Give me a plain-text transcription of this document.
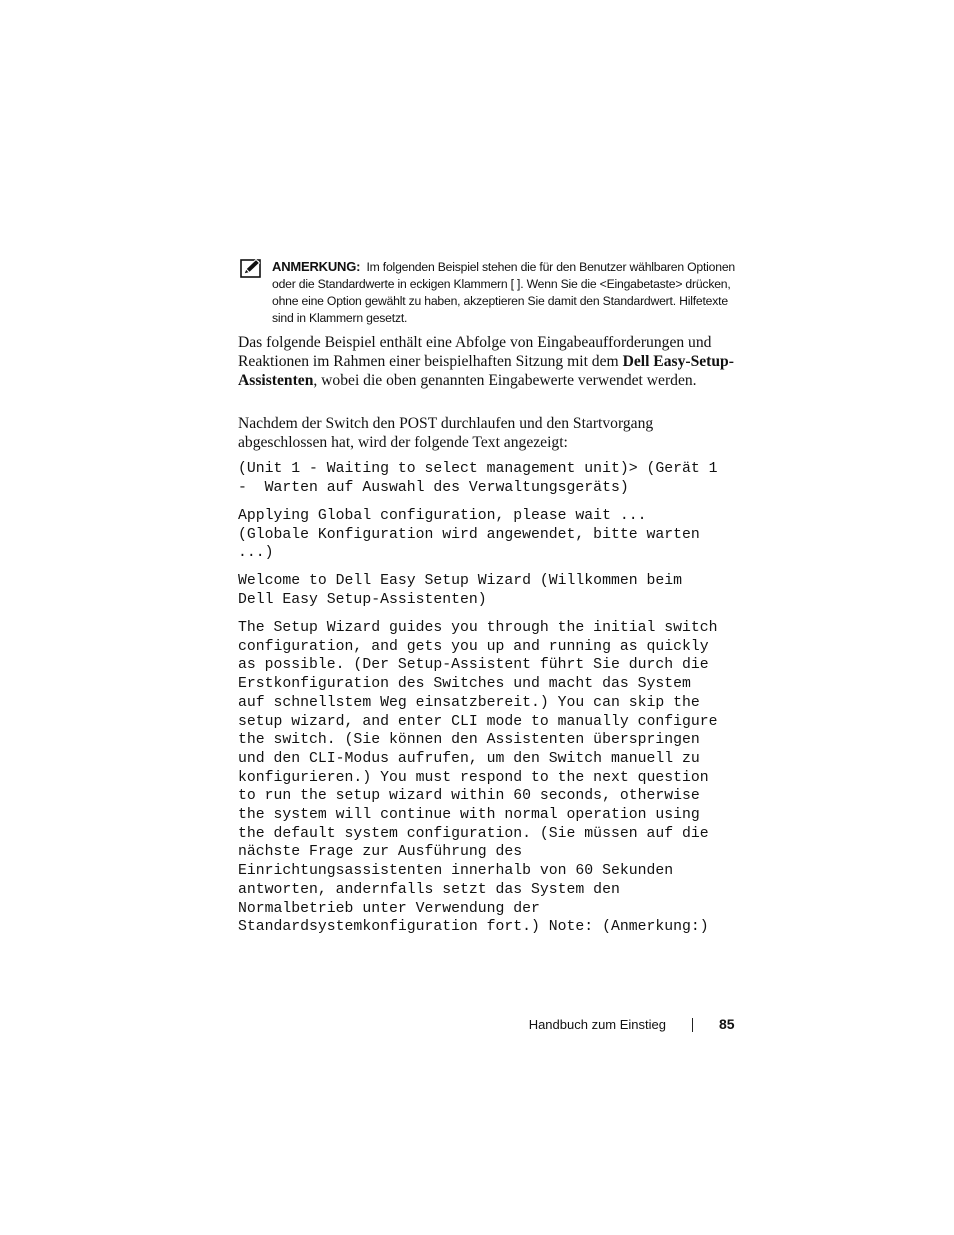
ANMERKUNG: Im folgenden Beispiel stehen die für den Benutzer wählbaren Optionen oder die Standardwerte in eckigen Klammern [ ]. Wenn Sie die <Eingabetaste> drücken, ohne eine Option gewählt zu haben, akzeptieren Sie damit den Standardwert. Hilfetexte sind in Klammern gesetzt.

Das folgende Beispiel enthält eine Abfolge von Eingabeaufforderungen und Reaktionen im Rahmen einer beispielhaften Sitzung mit dem Dell Easy-Setup-Assistenten, wobei die oben genannten Eingabewerte verwendet werden.

Nachdem der Switch den POST durchlaufen und den Startvorgang abgeschlossen hat, wird der folgende Text angezeigt:

(Unit 1 - Waiting to select management unit)> (Gerät 1
-  Warten auf Auswahl des Verwaltungsgeräts)
Applying Global configuration, please wait ...
(Globale Konfiguration wird angewendet, bitte warten
...)
Welcome to Dell Easy Setup Wizard (Willkommen beim
Dell Easy Setup-Assistenten)
The Setup Wizard guides you through the initial switch
configuration, and gets you up and running as quickly
as possible. (Der Setup-Assistent führt Sie durch die
Erstkonfiguration des Switches und macht das System
auf schnellstem Weg einsatzbereit.) You can skip the
setup wizard, and enter CLI mode to manually configure
the switch. (Sie können den Assistenten überspringen
und den CLI-Modus aufrufen, um den Switch manuell zu
konfigurieren.) You must respond to the next question
to run the setup wizard within 60 seconds, otherwise
the system will continue with normal operation using
the default system configuration. (Sie müssen auf die
nächste Frage zur Ausführung des
Einrichtungsassistenten innerhalb von 60 Sekunden
antworten, andernfalls setzt das System den
Normalbetrieb unter Verwendung der
Standardsystemkonfiguration fort.) Note: (Anmerkung:)
Handbuch zum Einstieg	85
